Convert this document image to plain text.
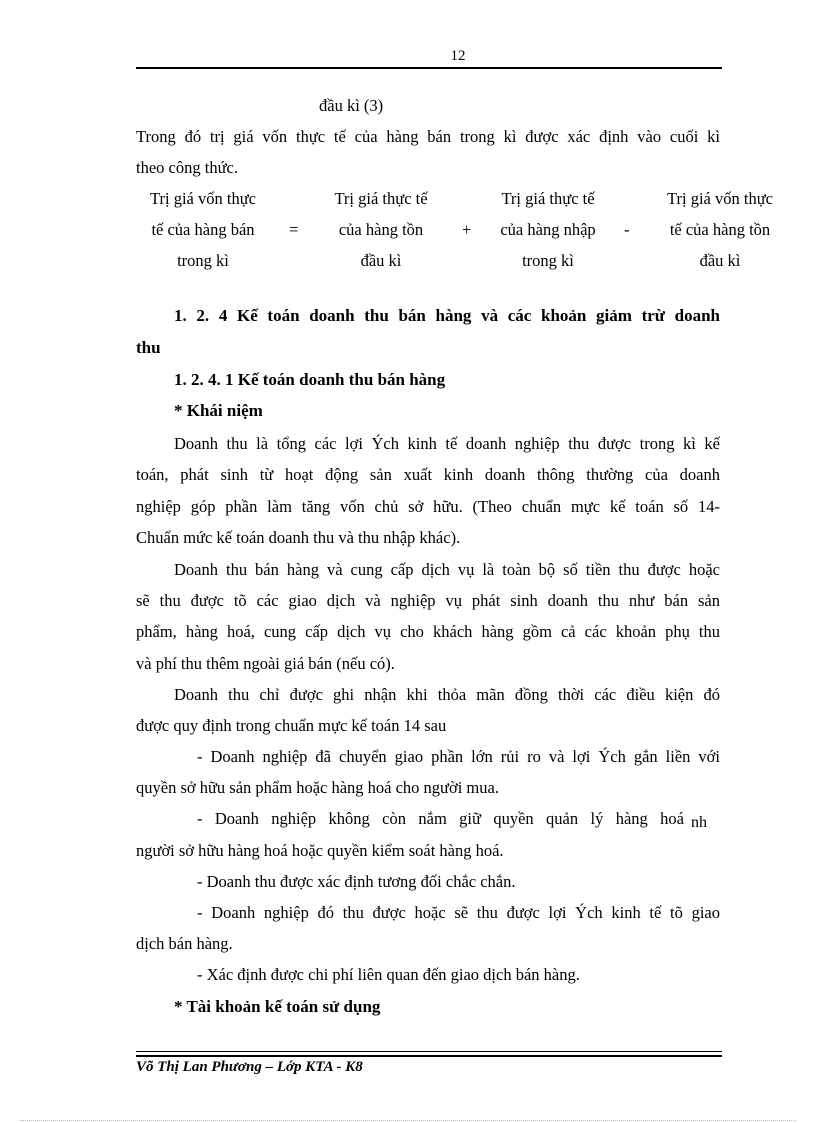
12
đầu kì (3)
Trong đó trị giá vốn thực tế của hàng bán trong kì được xác định vào cuối kì
theo công thức.
Trị giá vốn thực
tế của hàng bán
trong kì
=
Trị giá thực tế
của hàng tồn
đầu kì
+
Trị giá thực tế
của hàng nhập
trong kì
-
Trị giá vốn thực
tế của hàng tồn
đầu kì
1. 2. 4 Kế toán doanh thu bán hàng và các khoản giảm trừ doanh
thu
1. 2. 4. 1 Kế toán doanh thu bán hàng
* Khái niệm
Doanh thu là tổng các lợi Ých kinh tế doanh nghiệp thu được trong kì kế
toán, phát sinh từ hoạt động sản xuất kinh doanh thông thường của doanh
nghiệp góp phần làm tăng vốn chủ sở hữu. (Theo chuẩn mực kế toán số 14-
Chuẩn mức kế toán doanh thu và thu nhập khác).
Doanh thu bán hàng và cung cấp dịch vụ là toàn bộ số tiền thu được hoặc
sẽ thu được tõ các giao dịch và nghiệp vụ phát sinh doanh thu như bán sản
phẩm, hàng hoá, cung cấp dịch vụ cho khách hàng gồm cả các khoản phụ thu
và phí thu thêm ngoài giá bán (nếu có).
Doanh thu chỉ được ghi nhận khi thỏa mãn đồng thời các điều kiện đó
được quy định trong chuẩn mực kế toán 14 sau
- Doanh nghiệp đã chuyển giao phần lớn rủi ro và lợi Ých gắn liền với
quyền sở hữu sản phẩm hoặc hàng hoá cho người mua.
- Doanh nghiệp không còn nắm giữ quyền quản lý hàng hoá nh
người sở hữu hàng hoá hoặc quyền kiểm soát hàng hoá.
- Doanh thu được xác định tương đối chắc chắn.
- Doanh nghiệp đó thu được hoặc sẽ thu được lợi Ých kinh tế tõ giao
dịch bán hàng.
- Xác định được chi phí liên quan đến giao dịch bán hàng.
* Tài khoản kế toán sử dụng
Võ Thị Lan Phương – Lớp KTA - K8
